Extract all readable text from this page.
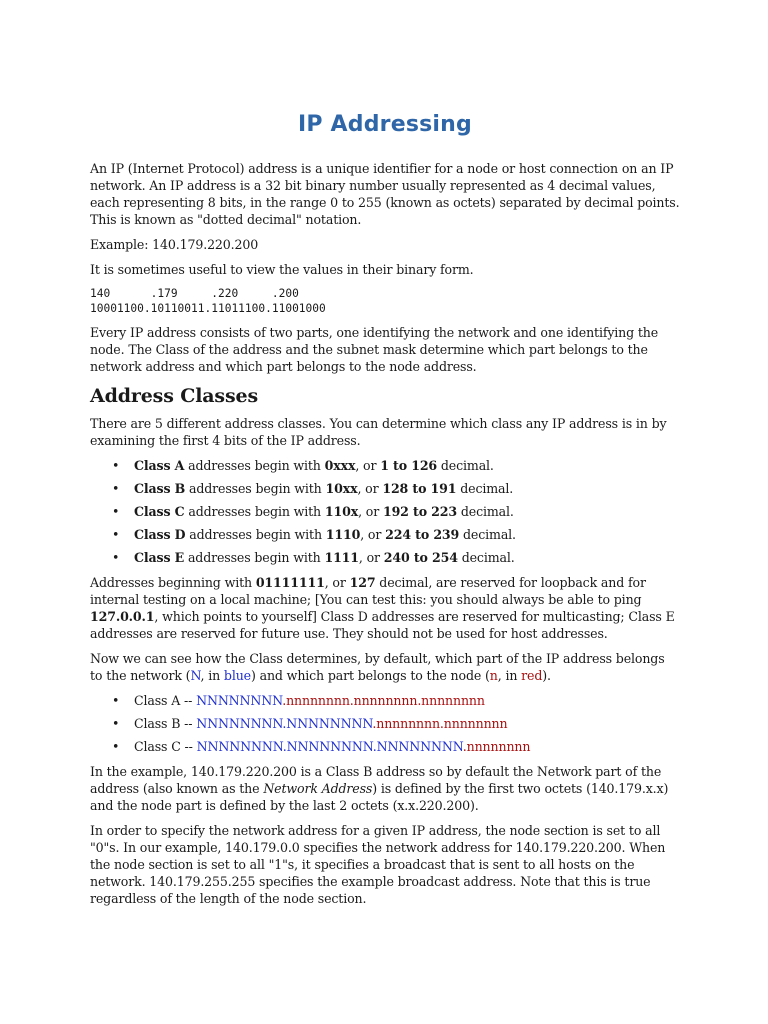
IP Addressing

An IP (Internet Protocol) address is a unique identifier for a node or host connection on an IP network. An IP address is a 32 bit binary number usually represented as 4 decimal values, each representing 8 bits, in the range 0 to 255 (known as octets) separated by decimal points. This is known as "dotted decimal" notation.

Example: 140.179.220.200

It is sometimes useful to view the values in their binary form.

140      .179     .220     .200
10001100.10110011.11011100.11001000

Every IP address consists of two parts, one identifying the network and one identifying the node. The Class of the address and the subnet mask determine which part belongs to the network address and which part belongs to the node address.

Address Classes

There are 5 different address classes. You can determine which class any IP address is in by examining the first 4 bits of the IP address.

• Class A addresses begin with 0xxx, or 1 to 126 decimal.
• Class B addresses begin with 10xx, or 128 to 191 decimal.
• Class C addresses begin with 110x, or 192 to 223 decimal.
• Class D addresses begin with 1110, or 224 to 239 decimal.
• Class E addresses begin with 1111, or 240 to 254 decimal.

Addresses beginning with 01111111, or 127 decimal, are reserved for loopback and for internal testing on a local machine; [You can test this: you should always be able to ping 127.0.0.1, which points to yourself] Class D addresses are reserved for multicasting; Class E addresses are reserved for future use. They should not be used for host addresses.

Now we can see how the Class determines, by default, which part of the IP address belongs to the network (N, in blue) and which part belongs to the node (n, in red).

• Class A -- NNNNNNNN.nnnnnnnn.nnnnnnnn.nnnnnnnn
• Class B -- NNNNNNNN.NNNNNNNN.nnnnnnnn.nnnnnnnn
• Class C -- NNNNNNNN.NNNNNNNN.NNNNNNNN.nnnnnnnn

In the example, 140.179.220.200 is a Class B address so by default the Network part of the address (also known as the Network Address) is defined by the first two octets (140.179.x.x) and the node part is defined by the last 2 octets (x.x.220.200).

In order to specify the network address for a given IP address, the node section is set to all "0"s. In our example, 140.179.0.0 specifies the network address for 140.179.220.200. When the node section is set to all "1"s, it specifies a broadcast that is sent to all hosts on the network. 140.179.255.255 specifies the example broadcast address. Note that this is true regardless of the length of the node section.
